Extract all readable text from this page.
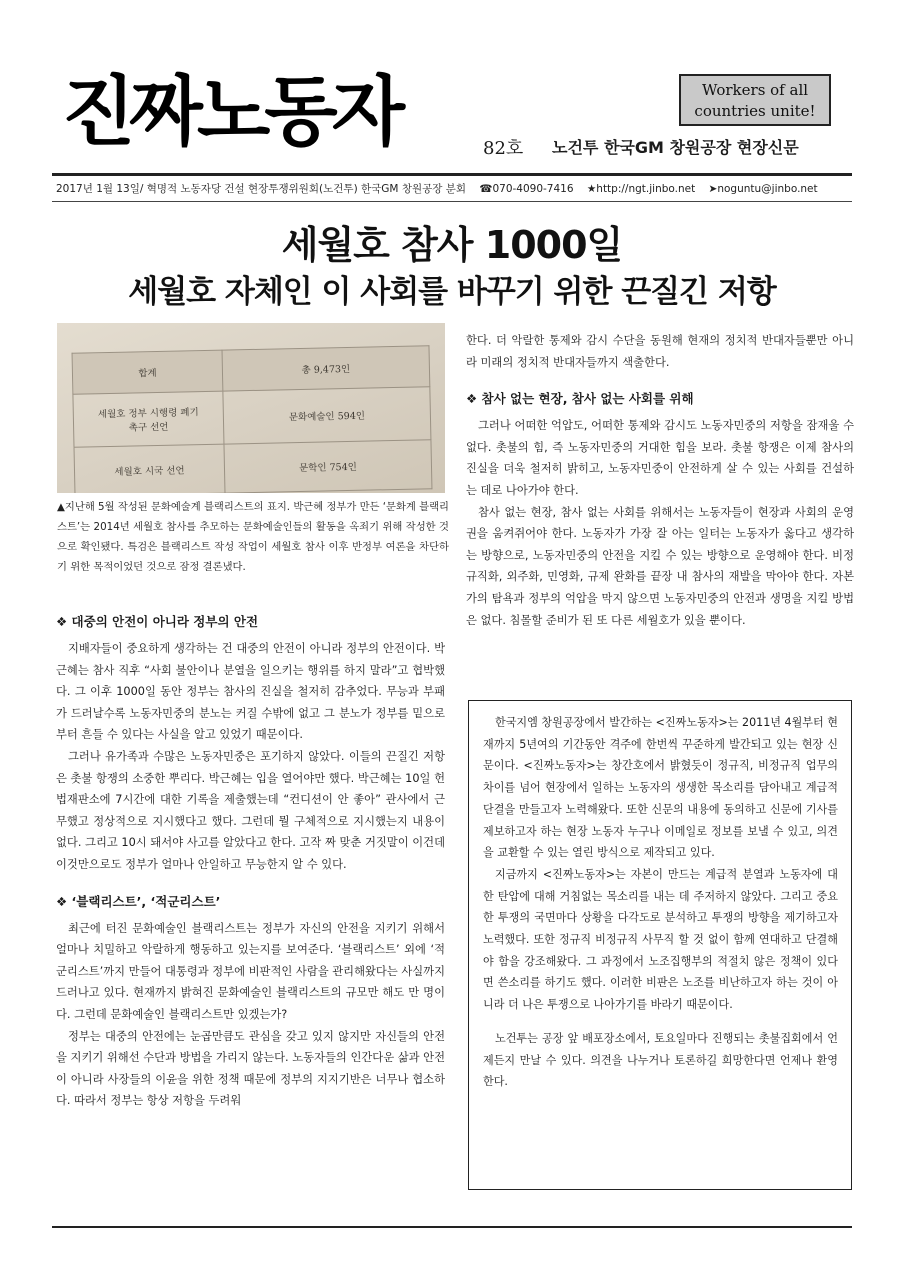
진짜노동자	Workers of all
countries unite!
82호 노건투 한국GM 창원공장 현장신문
2017년 1월 13일/ 혁명적 노동자당 건설 현장투쟁위원회(노건투) 한국GM 창원공장 분회 ☎070-4090-7416 ★http://ngt.jinbo.net ➤noguntu@jinbo.net
세월호 참사 1000일
세월호 자체인 이 사회를 바꾸기 위한 끈질긴 저항
합계	총 9,473인

세월호 정부 시행령 폐기
촉구 선언	문화예술인 594인
세월호 시국 선언	문학인 754인
▲지난해 5월 작성된 문화예술계 블랙리스트의 표지. 박근혜 정부가 만든 ‘문화계 블랙리스트’는 2014년 세월호 참사를 추모하는 문화예술인들의 활동을 옥죄기 위해 작성한 것으로 확인됐다. 특검은 블랙리스트 작성 작업이 세월호 참사 이후 반정부 여론을 차단하기 위한 목적이었던 것으로 잠정 결론냈다.
❖ 대중의 안전이 아니라 정부의 안전

지배자들이 중요하게 생각하는 건 대중의 안전이 아니라 정부의 안전이다. 박근혜는 참사 직후 “사회 불안이나 분열을 일으키는 행위를 하지 말라”고 협박했다. 그 이후 1000일 동안 정부는 참사의 진실을 철저히 감추었다. 무능과 부패가 드러날수록 노동자민중의 분노는 커질 수밖에 없고 그 분노가 정부를 밑으로부터 흔들 수 있다는 사실을 알고 있었기 때문이다.

그러나 유가족과 수많은 노동자민중은 포기하지 않았다. 이들의 끈질긴 저항은 촛불 항쟁의 소중한 뿌리다. 박근혜는 입을 열어야만 했다. 박근혜는 10일 헌법재판소에 7시간에 대한 기록을 제출했는데 “컨디션이 안 좋아” 관사에서 근무했고 정상적으로 지시했다고 했다. 그런데 뭘 구체적으로 지시했는지 내용이 없다. 그리고 10시 돼서야 사고를 알았다고 한다. 고작 짜 맞춘 거짓말이 이건데 이것만으로도 정부가 얼마나 안일하고 무능한지 알 수 있다.

❖ ‘블랙리스트’, ‘적군리스트’

최근에 터진 문화예술인 블랙리스트는 정부가 자신의 안전을 지키기 위해서 얼마나 치밀하고 악랄하게 행동하고 있는지를 보여준다. ‘블랙리스트’ 외에 ‘적군리스트’까지 만들어 대통령과 정부에 비판적인 사람을 관리해왔다는 사실까지 드러나고 있다. 현재까지 밝혀진 문화예술인 블랙리스트의 규모만 해도 만 명이다. 그런데 문화예술인 블랙리스트만 있겠는가?

정부는 대중의 안전에는 눈곱만큼도 관심을 갖고 있지 않지만 자신들의 안전을 지키기 위해선 수단과 방법을 가리지 않는다. 노동자들의 인간다운 삶과 안전이 아니라 사장들의 이윤을 위한 정책 때문에 정부의 지지기반은 너무나 협소하다. 따라서 정부는 항상 저항을 두려워

한다. 더 악랄한 통제와 감시 수단을 동원해 현재의 정치적 반대자들뿐만 아니라 미래의 정치적 반대자들까지 색출한다.

❖ 참사 없는 현장, 참사 없는 사회를 위해

그러나 어떠한 억압도, 어떠한 통제와 감시도 노동자민중의 저항을 잠재울 수 없다. 촛불의 힘, 즉 노동자민중의 거대한 힘을 보라. 촛불 항쟁은 이제 참사의 진실을 더욱 철저히 밝히고, 노동자민중이 안전하게 살 수 있는 사회를 건설하는 데로 나아가야 한다.

참사 없는 현장, 참사 없는 사회를 위해서는 노동자들이 현장과 사회의 운영권을 움켜쥐어야 한다. 노동자가 가장 잘 아는 일터는 노동자가 옳다고 생각하는 방향으로, 노동자민중의 안전을 지킬 수 있는 방향으로 운영해야 한다. 비정규직화, 외주화, 민영화, 규제 완화를 끝장 내 참사의 재발을 막아야 한다. 자본가의 탐욕과 정부의 억압을 막지 않으면 노동자민중의 안전과 생명을 지킬 방법은 없다. 침몰할 준비가 된 또 다른 세월호가 있을 뿐이다.

한국지엠 창원공장에서 발간하는 <진짜노동자>는 2011년 4월부터 현재까지 5년여의 기간동안 격주에 한번씩 꾸준하게 발간되고 있는 현장 신문이다. <진짜노동자>는 창간호에서 밝혔듯이 정규직, 비정규직 업무의 차이를 넘어 현장에서 일하는 노동자의 생생한 목소리를 담아내고 계급적 단결을 만들고자 노력해왔다. 또한 신문의 내용에 동의하고 신문에 기사를 제보하고자 하는 현장 노동자 누구나 이메일로 정보를 보낼 수 있고, 의견을 교환할 수 있는 열린 방식으로 제작되고 있다.

지금까지 <진짜노동자>는 자본이 만드는 계급적 분열과 노동자에 대한 탄압에 대해 거침없는 목소리를 내는 데 주저하지 않았다. 그리고 중요한 투쟁의 국면마다 상황을 다각도로 분석하고 투쟁의 방향을 제기하고자 노력했다. 또한 정규직 비정규직 사무직 할 것 없이 함께 연대하고 단결해야 함을 강조해왔다. 그 과정에서 노조집행부의 적절치 않은 정책이 있다면 쓴소리를 하기도 했다. 이러한 비판은 노조를 비난하고자 하는 것이 아니라 더 나은 투쟁으로 나아가기를 바라기 때문이다.

노건투는 공장 앞 배포장소에서, 토요일마다 진행되는 촛불집회에서 언제든지 만날 수 있다. 의견을 나누거나 토론하길 희망한다면 언제나 환영한다.
